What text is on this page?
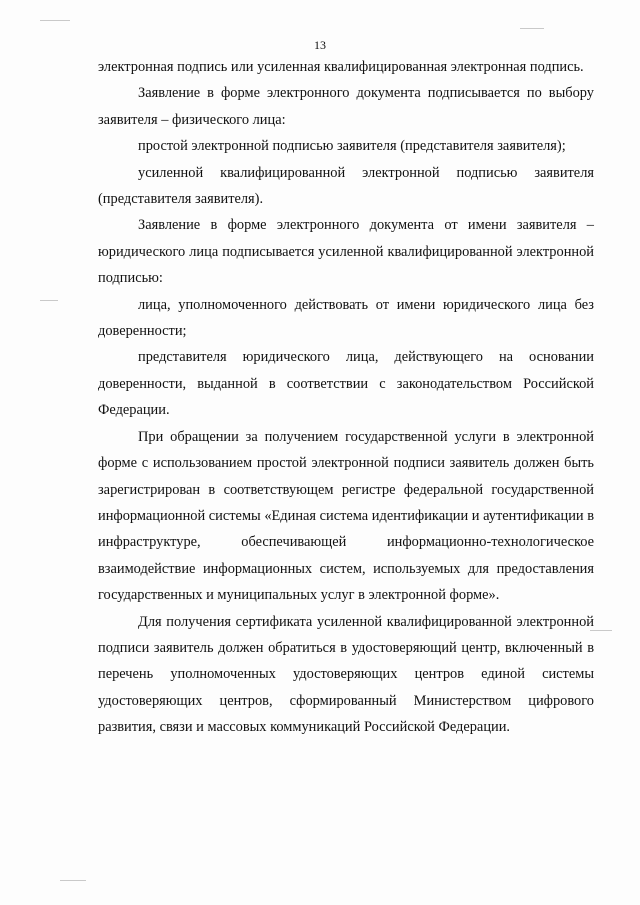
13

электронная подпись или усиленная квалифицированная электронная подпись.

Заявление в форме электронного документа подписывается по выбору заявителя – физического лица:

простой электронной подписью заявителя (представителя заявителя);

усиленной квалифицированной электронной подписью заявителя (представителя заявителя).

Заявление в форме электронного документа от имени заявителя – юридического лица подписывается усиленной квалифицированной электронной подписью:

лица, уполномоченного действовать от имени юридического лица без доверенности;

представителя юридического лица, действующего на основании доверенности, выданной в соответствии с законодательством Российской Федерации.

При обращении за получением государственной услуги в электронной форме с использованием простой электронной подписи заявитель должен быть зарегистрирован в соответствующем регистре федеральной государственной информационной системы «Единая система идентификации и аутентификации в инфраструктуре, обеспечивающей информационно-технологическое взаимодействие информационных систем, используемых для предоставления государственных и муниципальных услуг в электронной форме».

Для получения сертификата усиленной квалифицированной электронной подписи заявитель должен обратиться в удостоверяющий центр, включенный в перечень уполномоченных удостоверяющих центров единой системы удостоверяющих центров, сформированный Министерством цифрового развития, связи и массовых коммуникаций Российской Федерации.
